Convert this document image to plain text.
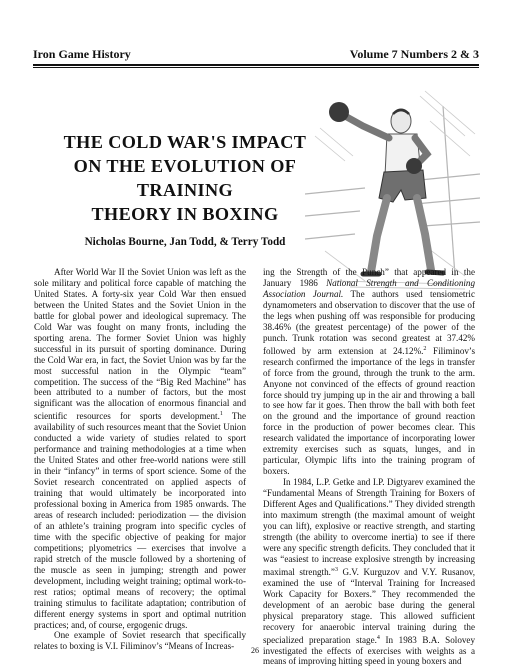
Iron Game History	Volume 7 Numbers 2 & 3
THE COLD WAR'S IMPACT
ON THE EVOLUTION OF
TRAINING
THEORY IN BOXING
Nicholas Bourne, Jan Todd, & Terry Todd

After World War II the Soviet Union was left as the sole military and political force capable of matching the United States. A forty-six year Cold War then ensued between the United States and the Soviet Union in the battle for global power and ideological supremacy. The Cold War was fought on many fronts, including the sporting arena. The former Soviet Union was highly successful in its pursuit of sporting dominance. During the Cold War era, in fact, the Soviet Union was by far the most successful nation in the Olympic “team” competition. The success of the “Big Red Machine” has been attributed to a number of factors, but the most significant was the allocation of enormous financial and scientific resources for sports development.$^1$ The availability of such resources meant that the Soviet Union conducted a wide variety of studies related to sport performance and training methodologies at a time when the United States and other free-world nations were still in their “infancy” in terms of sport science. Some of the Soviet research concentrated on applied aspects of training that would ultimately be incorporated into professional boxing in America from 1985 onwards. The areas of research included: periodization — the division of an athlete’s training program into specific cycles of time with the specific objective of peaking for major competitions; plyometrics — exercises that involve a rapid stretch of the muscle followed by a shortening of the muscle as seen in jumping; strength and power development, including weight training; optimal work-to-rest ratios; optimal means of recovery; the optimal training stimulus to facilitate adaptation; contribution of different energy systems in sport and optimal nutrition practices; and, of course, ergogenic drugs.

One example of Soviet research that specifically relates to boxing is V.I. Filiminov’s “Means of Increas-

ing the Strength of the Punch” that appeared in the January 1986 National Strength and Conditioning Association Journal. The authors used tensiometric dynamometers and observation to discover that the use of the legs when pushing off was responsible for producing 38.46% (the greatest percentage) of the power of the punch. Trunk rotation was second greatest at 37.42% followed by arm extension at 24.12%.$^2$ Filiminov’s research confirmed the importance of the legs in transfer of force from the ground, through the trunk to the arm. Anyone not convinced of the effects of ground reaction force should try jumping up in the air and throwing a ball to see how far it goes. Then throw the ball with both feet on the ground and the importance of ground reaction force in the production of power becomes clear. This research validated the importance of incorporating lower extremity exercises such as squats, lunges, and in particular, Olympic lifts into the training program of boxers.

In 1984, L.P. Getke and I.P. Digtyarev examined the “Fundamental Means of Strength Training for Boxers of Different Ages and Qualifications.” They divided strength into maximum strength (the maximal amount of weight you can lift), explosive or reactive strength, and starting strength (the ability to overcome inertia) to see if there were any specific strength deficits. They concluded that it was “easiest to increase explosive strength by increasing maximal strength.”$^3$ G.V. Kurguzov and V.Y. Rusanov, examined the use of “Interval Training for Increased Work Capacity for Boxers.” They recommended the development of an aerobic base during the general physical preparatory stage. This allowed sufficient recovery for anaerobic interval training during the specialized preparation stage.$^4$ In 1983 B.A. Solovey investigated the effects of exercises with weights as a means of improving hitting speed in young boxers and

26
